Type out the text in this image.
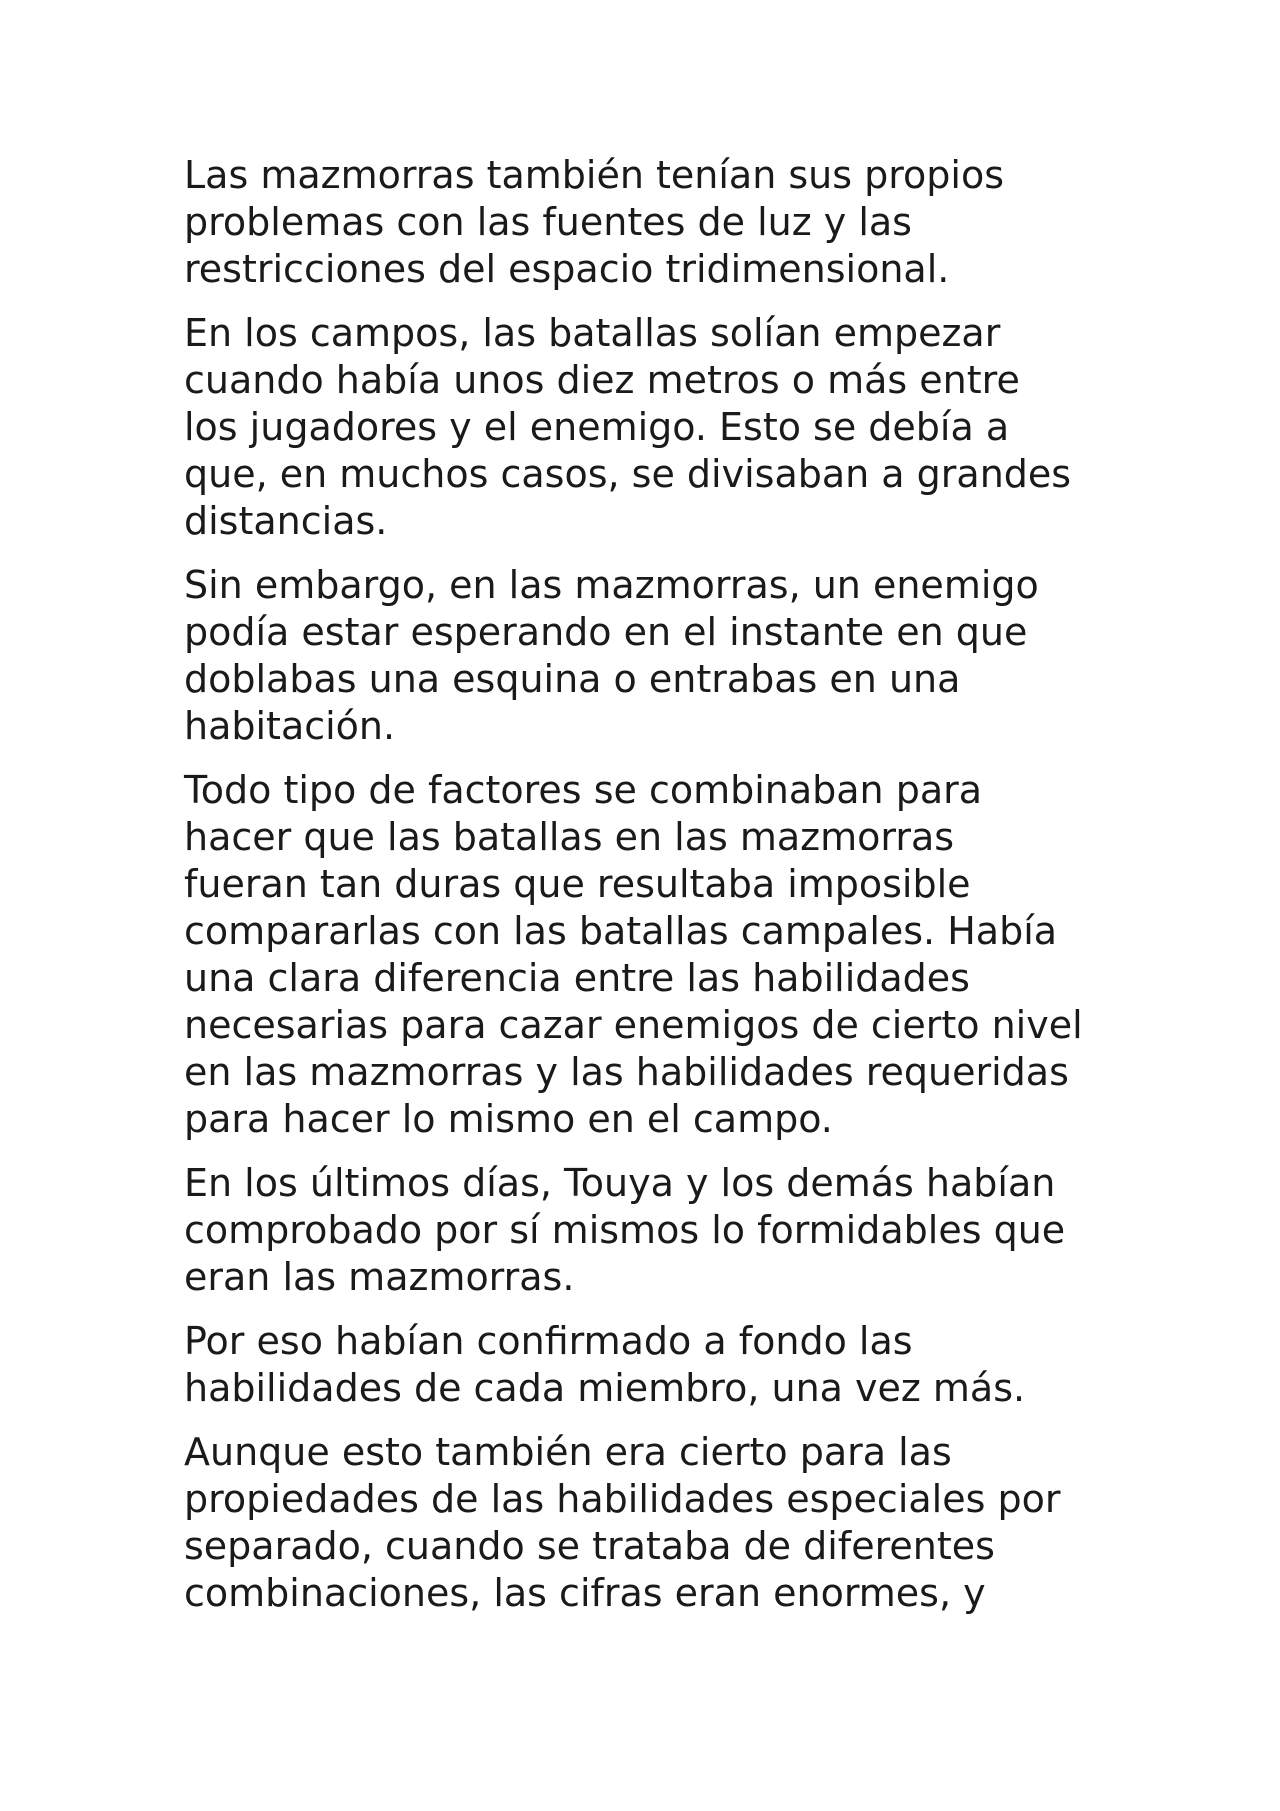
Las mazmorras también tenían sus propios
problemas con las fuentes de luz y las
restricciones del espacio tridimensional.

En los campos, las batallas solían empezar
cuando había unos diez metros o más entre
los jugadores y el enemigo. Esto se debía a
que, en muchos casos, se divisaban a grandes
distancias.

Sin embargo, en las mazmorras, un enemigo
podía estar esperando en el instante en que
doblabas una esquina o entrabas en una
habitación.

Todo tipo de factores se combinaban para
hacer que las batallas en las mazmorras
fueran tan duras que resultaba imposible
compararlas con las batallas campales. Había
una clara diferencia entre las habilidades
necesarias para cazar enemigos de cierto nivel
en las mazmorras y las habilidades requeridas
para hacer lo mismo en el campo.

En los últimos días, Touya y los demás habían
comprobado por sí mismos lo formidables que
eran las mazmorras.

Por eso habían confirmado a fondo las
habilidades de cada miembro, una vez más.

Aunque esto también era cierto para las
propiedades de las habilidades especiales por
separado, cuando se trataba de diferentes
combinaciones, las cifras eran enormes, y
